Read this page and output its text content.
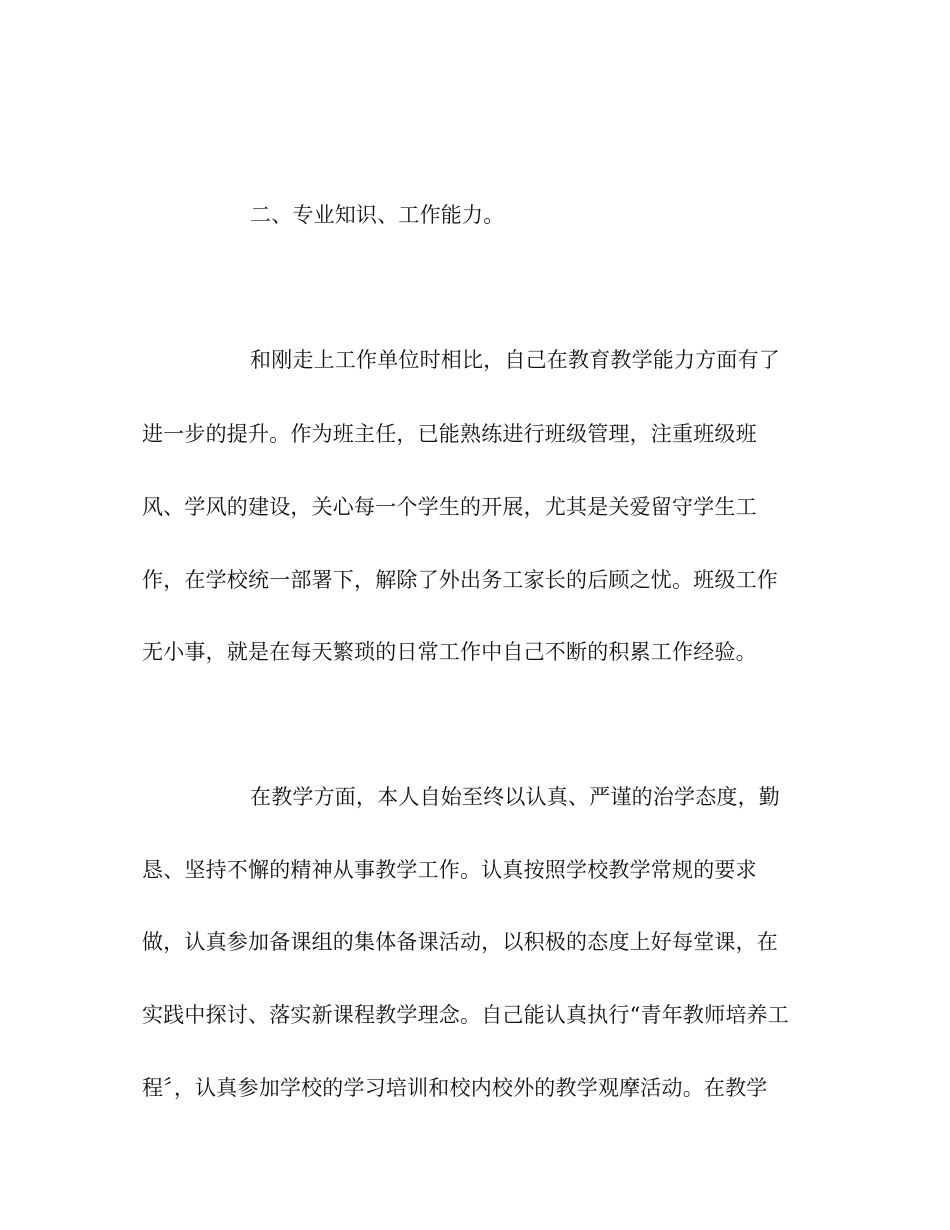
二、专业知识、工作能力。
和刚走上工作单位时相比，自己在教育教学能力方面有了
进一步的提升。作为班主任，已能熟练进行班级管理，注重班级班
风、学风的建设，关心每一个学生的开展，尤其是关爱留守学生工
作，在学校统一部署下，解除了外出务工家长的后顾之忧。班级工作
无小事，就是在每天繁琐的日常工作中自己不断的积累工作经验。
在教学方面，本人自始至终以认真、严谨的治学态度，勤
恳、坚持不懈的精神从事教学工作。认真按照学校教学常规的要求
做，认真参加备课组的集体备课活动，以积极的态度上好每堂课，在
实践中探讨、落实新课程教学理念。自己能认真执行“青年教师培养工
程〞，认真参加学校的学习培训和校内校外的教学观摩活动。在教学
